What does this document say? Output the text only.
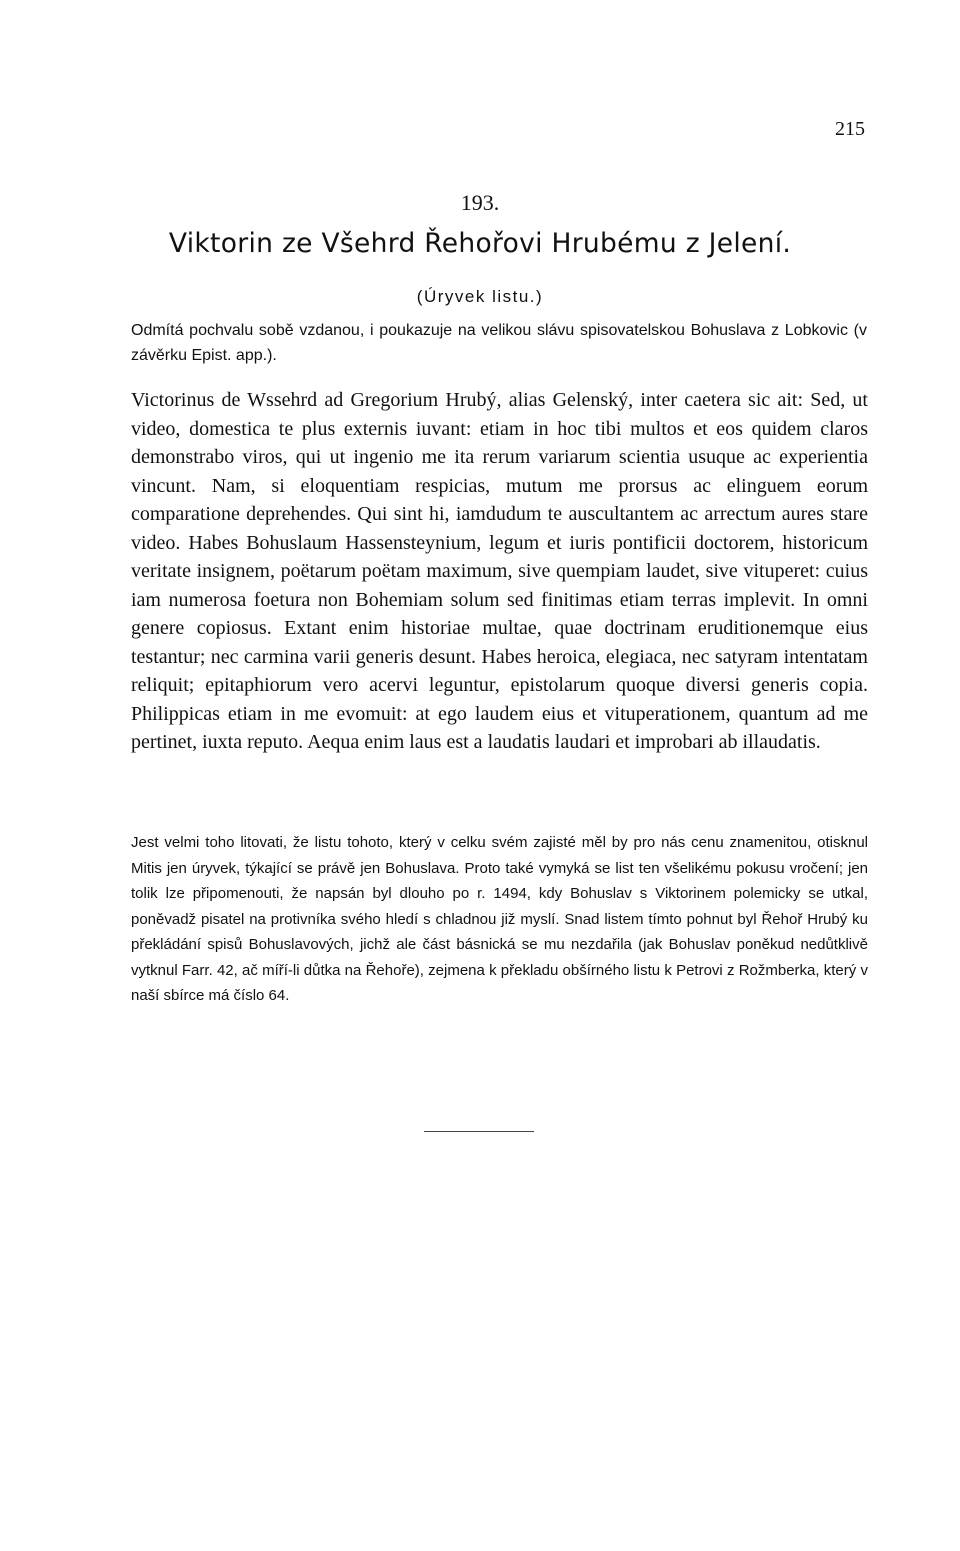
215
193.
Viktorin ze Všehrd Řehořovi Hrubému z Jelení.
(Úryvek listu.)

Odmítá pochvalu sobě vzdanou, i poukazuje na velikou slávu spisovatelskou Bohuslava z Lobkovic (v závěrku Epist. app.).

Victorinus de Wssehrd ad Gregorium Hrubý, alias Gelenský, inter caetera sic ait: Sed, ut video, domestica te plus externis iuvant: etiam in hoc tibi multos et eos quidem claros demonstrabo viros, qui ut ingenio me ita rerum variarum scientia usuque ac experientia vincunt. Nam, si eloquentiam respicias, mutum me prorsus ac elinguem eorum comparatione deprehendes. Qui sint hi, iamdudum te auscultantem ac arrectum aures stare video. Habes Bohuslaum Hassensteynium, legum et iuris pontificii doctorem, historicum veritate insignem, poëtarum poëtam maximum, sive quempiam laudet, sive vituperet: cuius iam numerosa foetura non Bohemiam solum sed finitimas etiam terras implevit. In omni genere copiosus. Extant enim historiae multae, quae doctrinam eruditionemque eius testantur; nec carmina varii generis desunt. Habes heroica, elegiaca, nec satyram intentatam reliquit; epitaphiorum vero acervi leguntur, epistolarum quoque diversi generis copia. Philippicas etiam in me evomuit: at ego laudem eius et vituperationem, quantum ad me pertinet, iuxta reputo. Aequa enim laus est a laudatis laudari et improbari ab illaudatis.

Jest velmi toho litovati, že listu tohoto, který v celku svém zajisté měl by pro nás cenu znamenitou, otisknul Mitis jen úryvek, týkající se právě jen Bohuslava. Proto také vymyká se list ten všelikému pokusu vročení; jen tolik lze připomenouti, že napsán byl dlouho po r. 1494, kdy Bohuslav s Viktorinem polemicky se utkal, poněvadž pisatel na protivníka svého hledí s chladnou již myslí. Snad listem tímto pohnut byl Řehoř Hrubý ku překládání spisů Bohuslavových, jichž ale část básnická se mu nezdařila (jak Bohuslav poněkud nedůtklivě vytknul Farr. 42, ač míří-li důtka na Řehoře), zejmena k překladu obšírného listu k Petrovi z Rožmberka, který v naší sbírce má číslo 64.
